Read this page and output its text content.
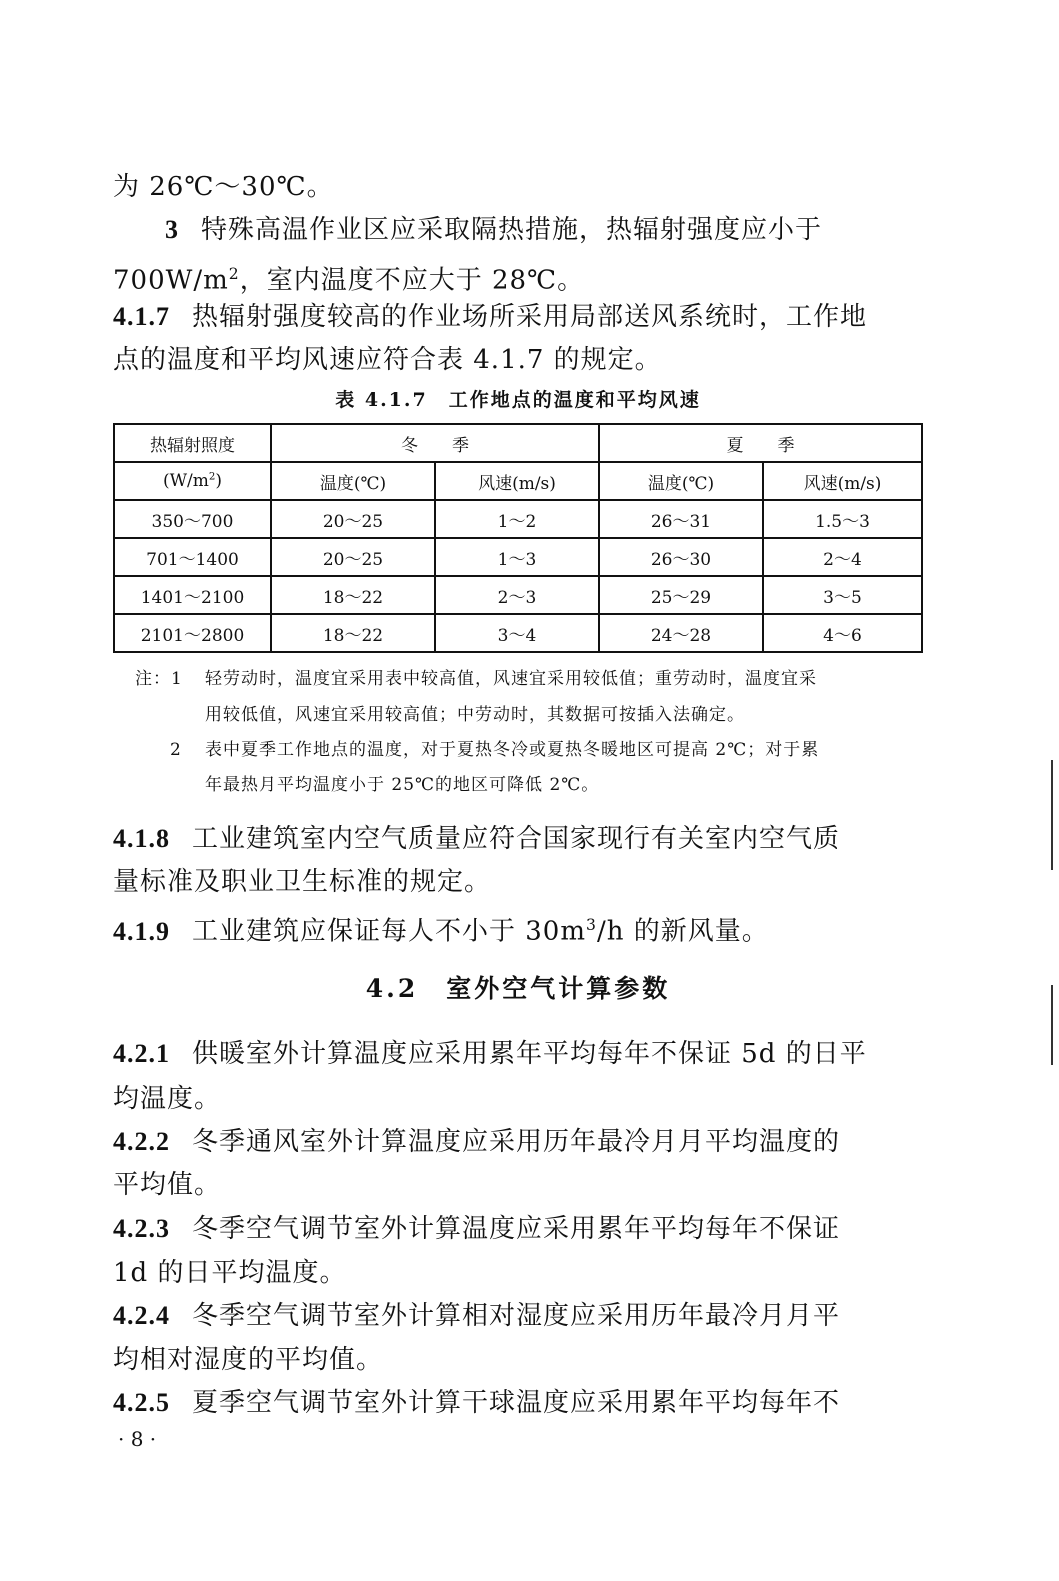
为 26℃～30℃。
3 特殊高温作业区应采取隔热措施，热辐射强度应小于
$700W/m^2$，室内温度不应大于 28℃。
4.1.7 热辐射强度较高的作业场所采用局部送风系统时，工作地
点的温度和平均风速应符合表 4.1.7 的规定。
表 4.1.7　工作地点的温度和平均风速
热辐射照度	冬　　季		夏　　季	
$(W/m^2)$	温度(℃)	风速(m/s)	温度(℃)	风速(m/s)
350～700	20～25	1～2	26～31	1.5～3
701～1400	20～25	1～3	26～30	2～4
1401～2100	18～22	2～3	25～29	3～5
2101～2800	18～22	3～4	24～28	4～6
注：1 轻劳动时，温度宜采用表中较高值，风速宜采用较低值；重劳动时，温度宜采
用较低值，风速宜采用较高值；中劳动时，其数据可按插入法确定。
2 表中夏季工作地点的温度，对于夏热冬冷或夏热冬暖地区可提高 2℃；对于累
年最热月平均温度小于 25℃的地区可降低 2℃。
4.1.8 工业建筑室内空气质量应符合国家现行有关室内空气质
量标准及职业卫生标准的规定。
4.1.9 工业建筑应保证每人不小于 $30m^3/h$ 的新风量。
4.2　室外空气计算参数
4.2.1 供暖室外计算温度应采用累年平均每年不保证 5d 的日平
均温度。
4.2.2 冬季通风室外计算温度应采用历年最冷月月平均温度的
平均值。
4.2.3 冬季空气调节室外计算温度应采用累年平均每年不保证
1d 的日平均温度。
4.2.4 冬季空气调节室外计算相对湿度应采用历年最冷月月平
均相对湿度的平均值。
4.2.5 夏季空气调节室外计算干球温度应采用累年平均每年不
· 8 ·
